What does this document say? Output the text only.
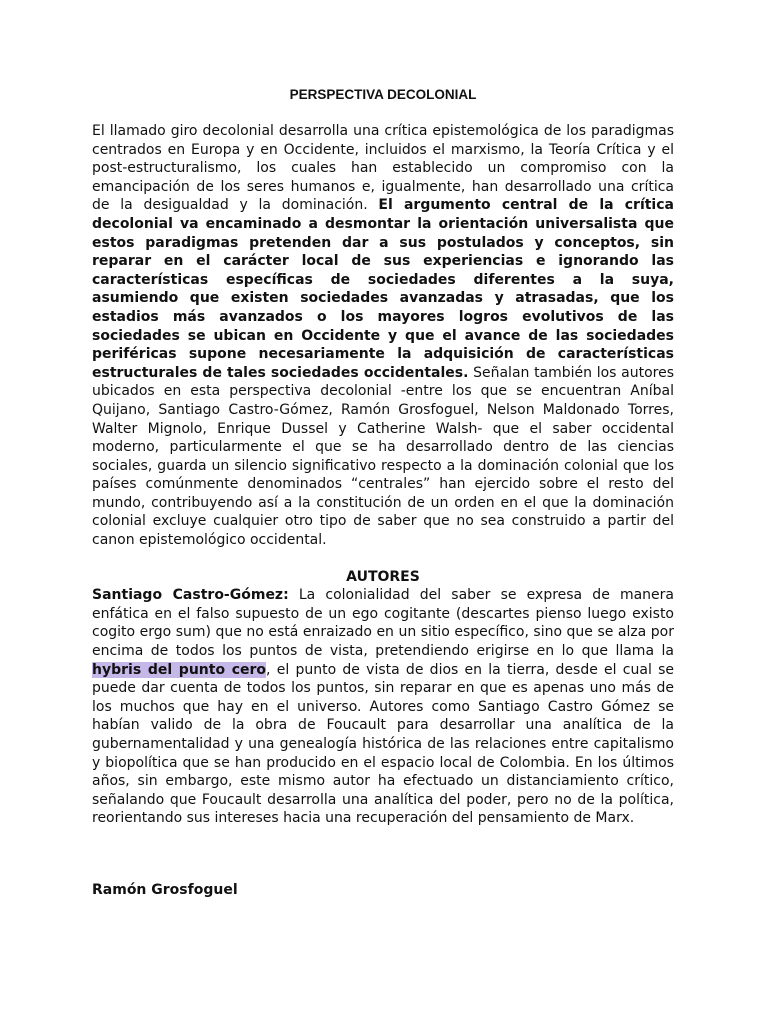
PERSPECTIVA DECOLONIAL

El llamado giro decolonial desarrolla una crítica epistemológica de los paradigmas centrados en Europa y en Occidente, incluidos el marxismo, la Teoría Crítica y el post-estructuralismo, los cuales han establecido un compromiso con la emancipación de los seres humanos e, igualmente, han desarrollado una crítica de la desigualdad y la dominación. El argumento central de la crítica decolonial va encaminado a desmontar la orientación universalista que estos paradigmas pretenden dar a sus postulados y conceptos, sin reparar en el carácter local de sus experiencias e ignorando las características específicas de sociedades diferentes a la suya, asumiendo que existen sociedades avanzadas y atrasadas, que los estadios más avanzados o los mayores logros evolutivos de las sociedades se ubican en Occidente y que el avance de las sociedades periféricas supone necesariamente la adquisición de características estructurales de tales sociedades occidentales. Señalan también los autores ubicados en esta perspectiva decolonial -entre los que se encuentran Aníbal Quijano, Santiago Castro-Gómez, Ramón Grosfoguel, Nelson Maldonado Torres, Walter Mignolo, Enrique Dussel y Catherine Walsh- que el saber occidental moderno, particularmente el que se ha desarrollado dentro de las ciencias sociales, guarda un silencio significativo respecto a la dominación colonial que los países comúnmente denominados “centrales” han ejercido sobre el resto del mundo, contribuyendo así a la constitución de un orden en el que la dominación colonial excluye cualquier otro tipo de saber que no sea construido a partir del canon epistemológico occidental.

AUTORES

Santiago Castro-Gómez: La colonialidad del saber se expresa de manera enfática en el falso supuesto de un ego cogitante (descartes pienso luego existo cogito ergo sum) que no está enraizado en un sitio específico, sino que se alza por encima de todos los puntos de vista, pretendiendo erigirse en lo que llama la hybris del punto cero, el punto de vista de dios en la tierra, desde el cual se puede dar cuenta de todos los puntos, sin reparar en que es apenas uno más de los muchos que hay en el universo. Autores como Santiago Castro Gómez se habían valido de la obra de Foucault para desarrollar una analítica de la gubernamentalidad y una genealogía histórica de las relaciones entre capitalismo y biopolítica que se han producido en el espacio local de Colombia. En los últimos años, sin embargo, este mismo autor ha efectuado un distanciamiento crítico, señalando que Foucault desarrolla una analítica del poder, pero no de la política, reorientando sus intereses hacia una recuperación del pensamiento de Marx.

Ramón Grosfoguel
